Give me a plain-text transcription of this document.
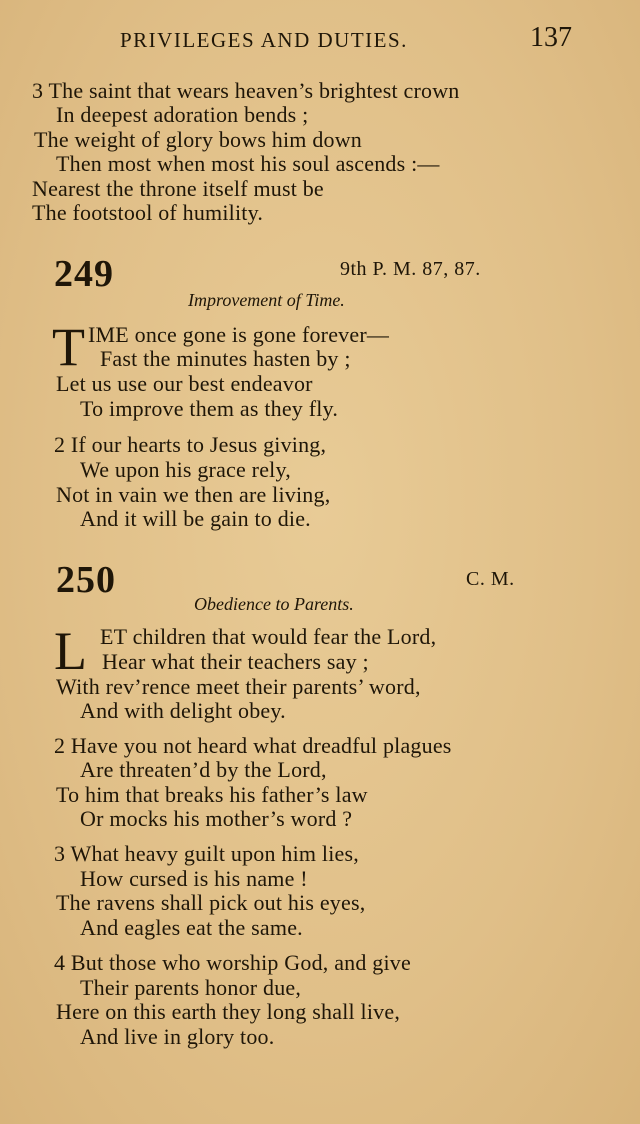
PRIVILEGES AND DUTIES.	137
3 The saint that wears heaven’s brightest crown
In deepest adoration bends ;
The weight of glory bows him down
Then most when most his soul ascends :—
Nearest the throne itself must be
The footstool of humility.
249	9th P. M. 87, 87.
Improvement of Time.
T IME once gone is gone forever—
Fast the minutes hasten by ;
Let us use our best endeavor
To improve them as they fly.
2 If our hearts to Jesus giving,
We upon his grace rely,
Not in vain we then are living,
And it will be gain to die.
250	C. M.
Obedience to Parents.
L ET children that would fear the Lord,
Hear what their teachers say ;
With rev’rence meet their parents’ word,
And with delight obey.
2 Have you not heard what dreadful plagues
Are threaten’d by the Lord,
To him that breaks his father’s law
Or mocks his mother’s word ?
3 What heavy guilt upon him lies,
How cursed is his name !
The ravens shall pick out his eyes,
And eagles eat the same.
4 But those who worship God, and give
Their parents honor due,
Here on this earth they long shall live,
And live in glory too.
